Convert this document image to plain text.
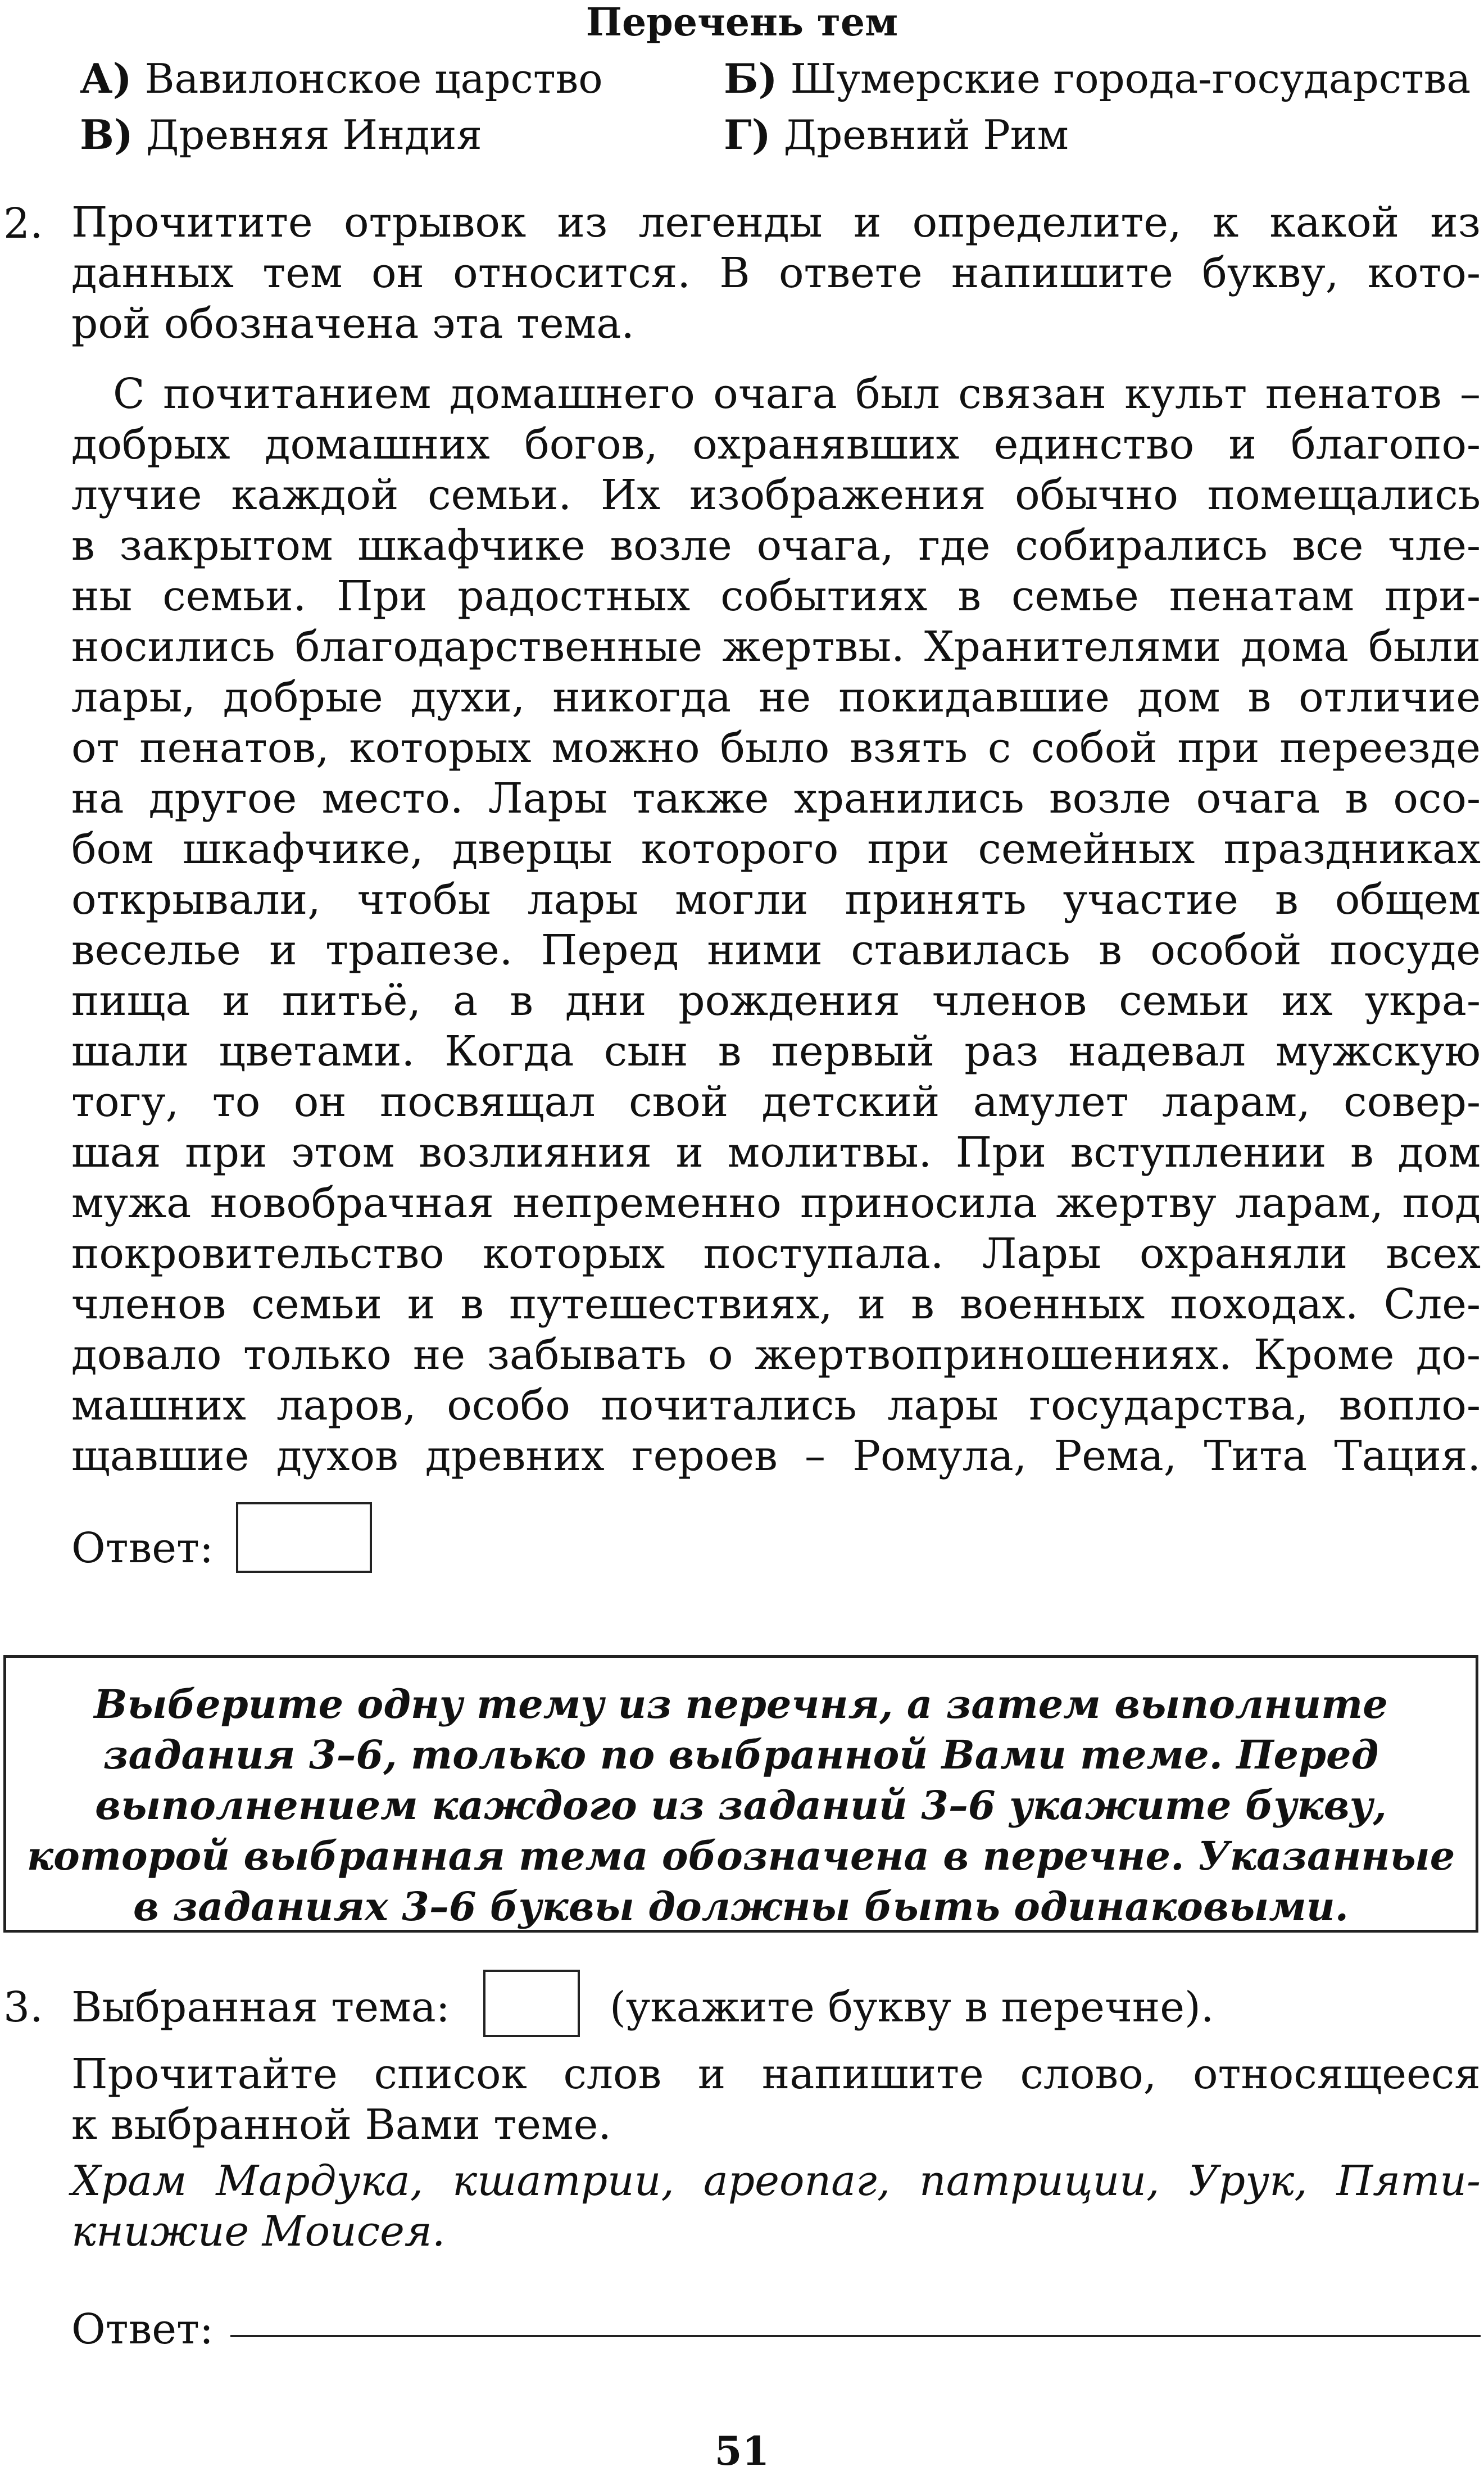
Перечень тем
А) Вавилонское царство	Б) Шумерские города-государства
В) Древняя Индия	Г) Древний Рим
2. Прочитите отрывок из легенды и определите, к какой из
данных тем он относится. В ответе напишите букву, кото-
рой обозначена эта тема.
С почитанием домашнего очага был связан культ пенатов –
добрых домашних богов, охранявших единство и благопо-
лучие каждой семьи. Их изображения обычно помещались
в закрытом шкафчике возле очага, где собирались все чле-
ны семьи. При радостных событиях в семье пенатам при-
носились благодарственные жертвы. Хранителями дома были
лары, добрые духи, никогда не покидавшие дом в отличие
от пенатов, которых можно было взять с собой при переезде
на другое место. Лары также хранились возле очага в осо-
бом шкафчике, дверцы которого при семейных праздниках
открывали, чтобы лары могли принять участие в общем
веселье и трапезе. Перед ними ставилась в особой посуде
пища и питьё, а в дни рождения членов семьи их укра-
шали цветами. Когда сын в первый раз надевал мужскую
тогу, то он посвящал свой детский амулет ларам, совер-
шая при этом возлияния и молитвы. При вступлении в дом
мужа новобрачная непременно приносила жертву ларам, под
покровительство которых поступала. Лары охраняли всех
членов семьи и в путешествиях, и в военных походах. Сле-
довало только не забывать о жертвоприношениях. Кроме до-
машних ларов, особо почитались лары государства, вопло-
щавшие духов древних героев – Ромула, Рема, Тита Тация.
Ответ:
Выберите одну тему из перечня, а затем выполните
задания 3–6, только по выбранной Вами теме. Перед
выполнением каждого из заданий 3–6 укажите букву,
которой выбранная тема обозначена в перечне. Указанные
в заданиях 3–6 буквы должны быть одинаковыми.
3. Выбранная тема:	(укажите букву в перечне).
Прочитайте список слов и напишите слово, относящееся
к выбранной Вами теме.
Храм Мардука, кшатрии, ареопаг, патриции, Урук, Пяти-
книжие Моисея.
Ответ:
51
